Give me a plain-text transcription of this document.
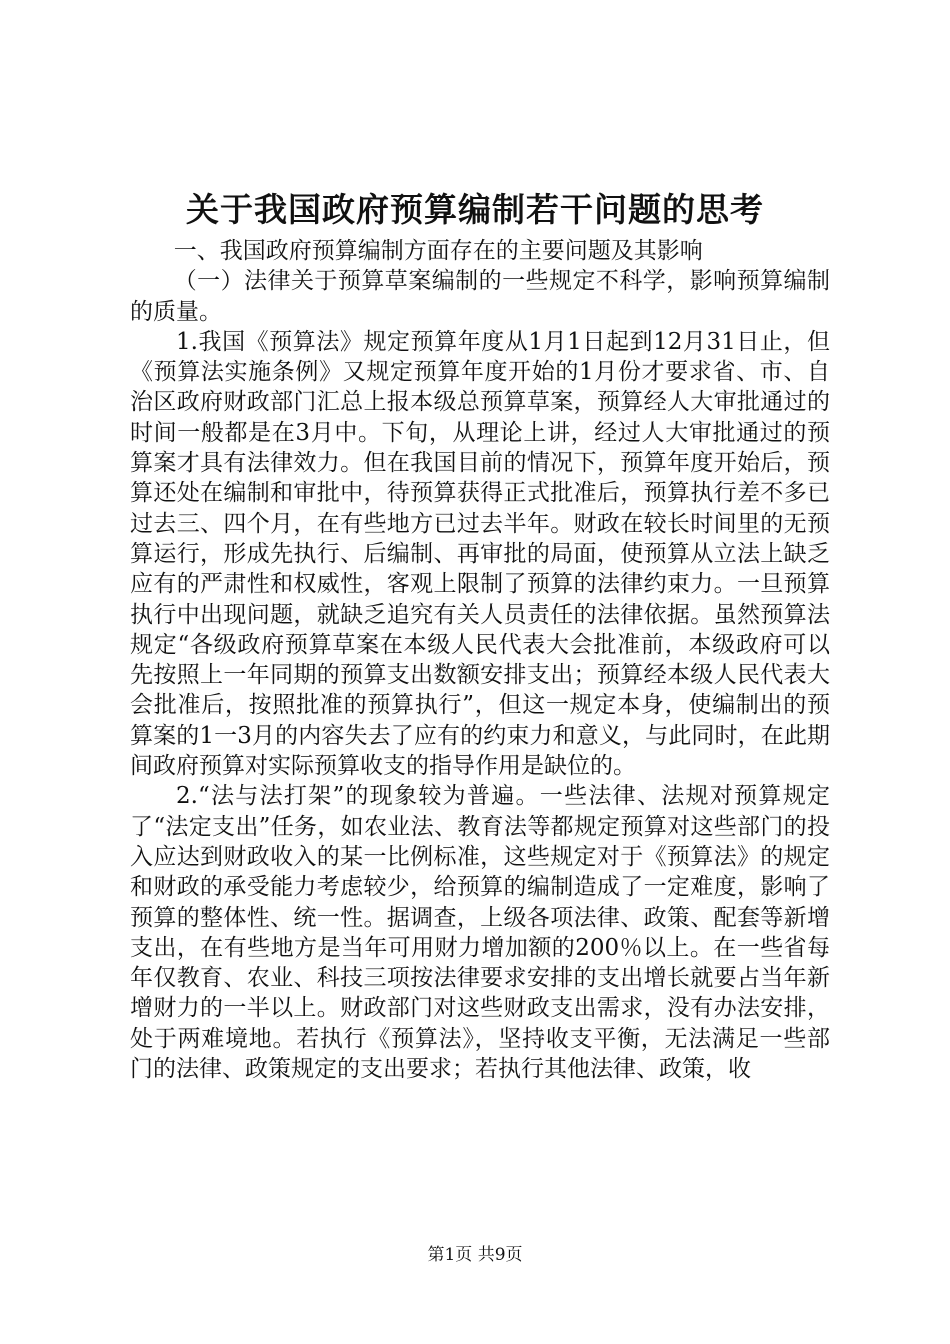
关于我国政府预算编制若干问题的思考

一、我国政府预算编制方面存在的主要问题及其影响

（一）法律关于预算草案编制的一些规定不科学，影响预算编制的质量。

1.我国《预算法》规定预算年度从1月1日起到12月31日止，但《预算法实施条例》又规定预算年度开始的1月份才要求省、市、自治区政府财政部门汇总上报本级总预算草案，预算经人大审批通过的时间一般都是在3月中。下旬，从理论上讲，经过人大审批通过的预算案才具有法律效力。但在我国目前的情况下，预算年度开始后，预算还处在编制和审批中，待预算获得正式批准后，预算执行差不多已过去三、四个月，在有些地方已过去半年。财政在较长时间里的无预算运行，形成先执行、后编制、再审批的局面，使预算从立法上缺乏应有的严肃性和权威性，客观上限制了预算的法律约束力。一旦预算执行中出现问题，就缺乏追究有关人员责任的法律依据。虽然预算法规定“各级政府预算草案在本级人民代表大会批准前，本级政府可以先按照上一年同期的预算支出数额安排支出；预算经本级人民代表大会批准后，按照批准的预算执行”，但这一规定本身，使编制出的预算案的1一3月的内容失去了应有的约束力和意义，与此同时，在此期间政府预算对实际预算收支的指导作用是缺位的。

2.“法与法打架”的现象较为普遍。一些法律、法规对预算规定了“法定支出”任务，如农业法、教育法等都规定预算对这些部门的投入应达到财政收入的某一比例标准，这些规定对于《预算法》的规定和财政的承受能力考虑较少，给预算的编制造成了一定难度，影响了预算的整体性、统一性。据调查，上级各项法律、政策、配套等新增支出，在有些地方是当年可用财力增加额的200％以上。在一些省每年仅教育、农业、科技三项按法律要求安排的支出增长就要占当年新增财力的一半以上。财政部门对这些财政支出需求，没有办法安排，处于两难境地。若执行《预算法》，坚持收支平衡，无法满足一些部门的法律、政策规定的支出要求；若执行其他法律、政策，收

第1页 共9页
